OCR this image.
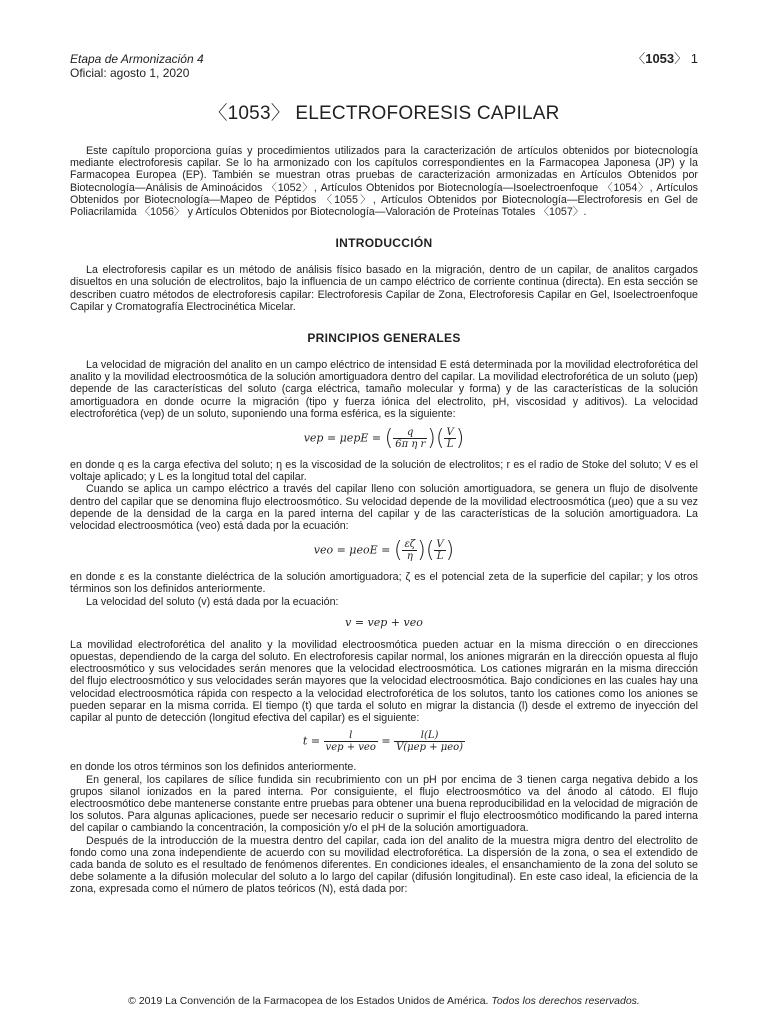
Etapa de Armonización 4
Oficial: agosto 1, 2020
〈1053〉 1
〈1053〉 ELECTROFORESIS CAPILAR

Este capítulo proporciona guías y procedimientos utilizados para la caracterización de artículos obtenidos por biotecnología mediante electroforesis capilar. Se lo ha armonizado con los capítulos correspondientes en la Farmacopea Japonesa (JP) y la Farmacopea Europea (EP). También se muestran otras pruebas de caracterización armonizadas en Artículos Obtenidos por Biotecnología—Análisis de Aminoácidos 〈1052〉, Artículos Obtenidos por Biotecnología—Isoelectroenfoque 〈1054〉, Artículos Obtenidos por Biotecnología—Mapeo de Péptidos 〈1055〉, Artículos Obtenidos por Biotecnología—Electroforesis en Gel de Poliacrilamida 〈1056〉 y Artículos Obtenidos por Biotecnología—Valoración de Proteínas Totales 〈1057〉.

INTRODUCCIÓN

La electroforesis capilar es un método de análisis físico basado en la migración, dentro de un capilar, de analitos cargados disueltos en una solución de electrolitos, bajo la influencia de un campo eléctrico de corriente continua (directa). En esta sección se describen cuatro métodos de electroforesis capilar: Electroforesis Capilar de Zona, Electroforesis Capilar en Gel, Isoelectroenfoque Capilar y Cromatografía Electrocinética Micelar.

PRINCIPIOS GENERALES

La velocidad de migración del analito en un campo eléctrico de intensidad E está determinada por la movilidad electroforética del analito y la movilidad electroosmótica de la solución amortiguadora dentro del capilar. La movilidad electroforética de un soluto (μep) depende de las características del soluto (carga eléctrica, tamaño molecular y forma) y de las características de la solución amortiguadora en donde ocurre la migración (tipo y fuerza iónica del electrolito, pH, viscosidad y aditivos). La velocidad electroforética (vep) de un soluto, suponiendo una forma esférica, es la siguiente:

vep = μepE = ( $\frac{q}{\text{6π η r}}$ )( $\frac{V}{L}$ )

en donde q es la carga efectiva del soluto; η es la viscosidad de la solución de electrolitos; r es el radio de Stoke del soluto; V es el voltaje aplicado; y L es la longitud total del capilar.

Cuando se aplica un campo eléctrico a través del capilar lleno con solución amortiguadora, se genera un flujo de disolvente dentro del capilar que se denomina flujo electroosmótico. Su velocidad depende de la movilidad electroosmótica (μeo) que a su vez depende de la densidad de la carga en la pared interna del capilar y de las características de la solución amortiguadora. La velocidad electroosmótica (veo) está dada por la ecuación:

veo = μeoE = ( $\frac{\varepsilon\zeta}{\eta}$ )( $\frac{V}{L}$ )

en donde ε es la constante dieléctrica de la solución amortiguadora; ζ es el potencial zeta de la superficie del capilar; y los otros términos son los definidos anteriormente.

La velocidad del soluto (v) está dada por la ecuación:

v = vep + veo

La movilidad electroforética del analito y la movilidad electroosmótica pueden actuar en la misma dirección o en direcciones opuestas, dependiendo de la carga del soluto. En electroforesis capilar normal, los aniones migrarán en la dirección opuesta al flujo electroosmótico y sus velocidades serán menores que la velocidad electroosmótica. Los cationes migrarán en la misma dirección del flujo electroosmótico y sus velocidades serán mayores que la velocidad electroosmótica. Bajo condiciones en las cuales hay una velocidad electroosmótica rápida con respecto a la velocidad electroforética de los solutos, tanto los cationes como los aniones se pueden separar en la misma corrida. El tiempo (t) que tarda el soluto en migrar la distancia (l) desde el extremo de inyección del capilar al punto de detección (longitud efectiva del capilar) es el siguiente:

$t = \frac{l}{\text{vep + veo}} = \frac{l(L)}{\text{V(μep + μeo)}}$

en donde los otros términos son los definidos anteriormente.

En general, los capilares de sílice fundida sin recubrimiento con un pH por encima de 3 tienen carga negativa debido a los grupos silanol ionizados en la pared interna. Por consiguiente, el flujo electroosmótico va del ánodo al cátodo. El flujo electroosmótico debe mantenerse constante entre pruebas para obtener una buena reproducibilidad en la velocidad de migración de los solutos. Para algunas aplicaciones, puede ser necesario reducir o suprimir el flujo electroosmótico modificando la pared interna del capilar o cambiando la concentración, la composición y/o el pH de la solución amortiguadora.

Después de la introducción de la muestra dentro del capilar, cada ion del analito de la muestra migra dentro del electrolito de fondo como una zona independiente de acuerdo con su movilidad electroforética. La dispersión de la zona, o sea el extendido de cada banda de soluto es el resultado de fenómenos diferentes. En condiciones ideales, el ensanchamiento de la zona del soluto se debe solamente a la difusión molecular del soluto a lo largo del capilar (difusión longitudinal). En este caso ideal, la eficiencia de la zona, expresada como el número de platos teóricos (N), está dada por:

© 2019 La Convención de la Farmacopea de los Estados Unidos de América. Todos los derechos reservados.
